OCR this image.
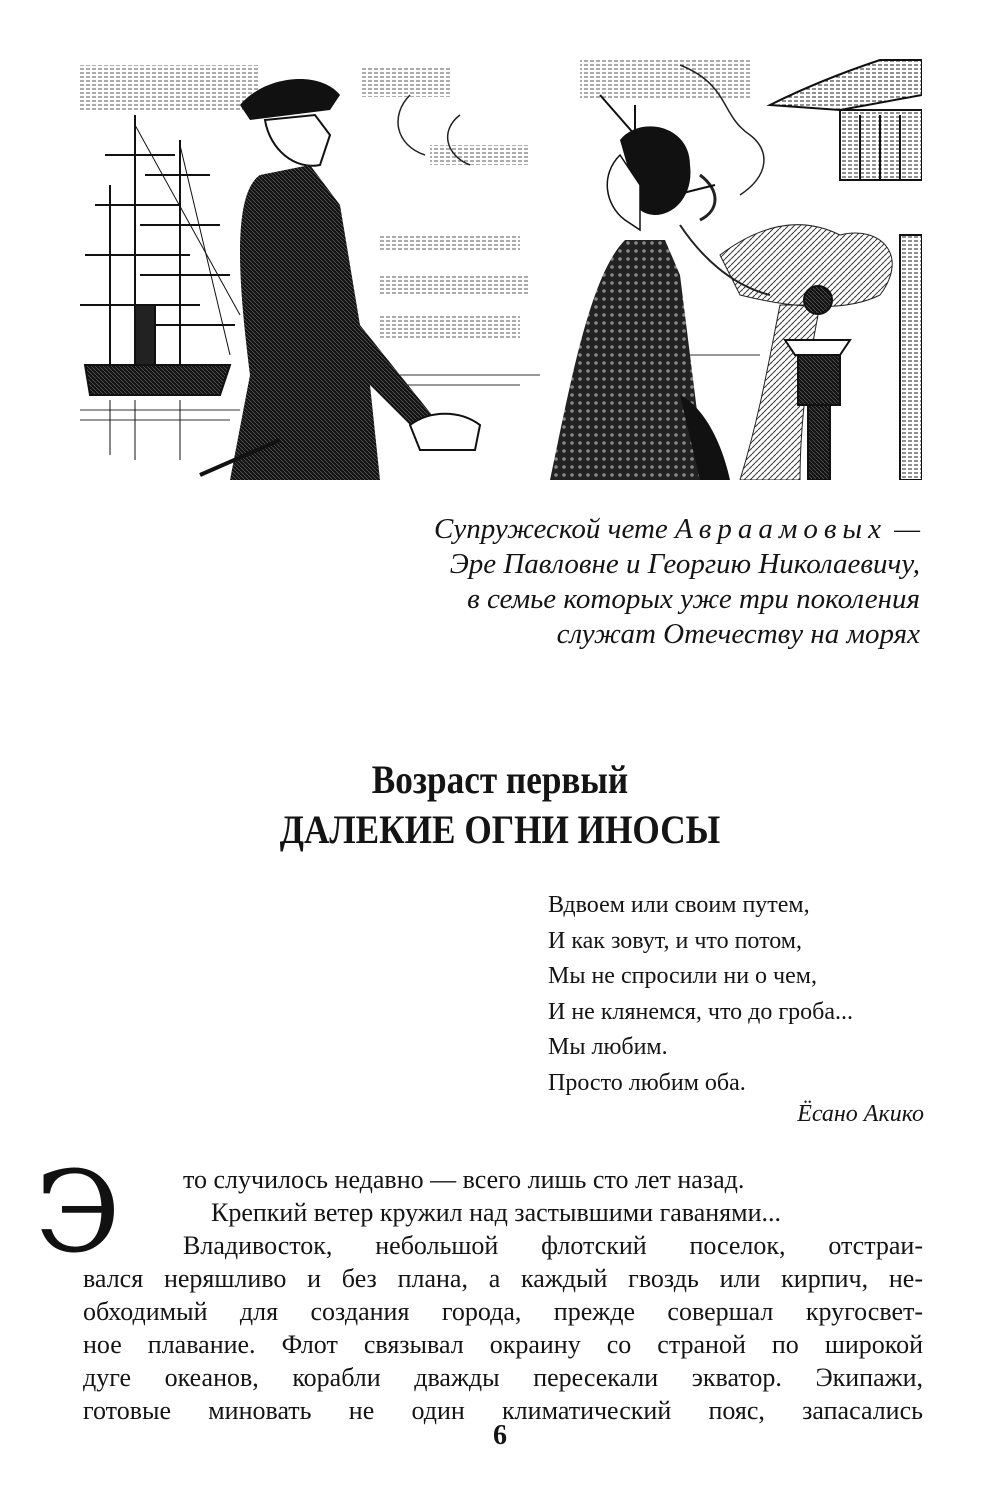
Супружеской чете Авраамовых —
Эре Павловне и Георгию Николаевичу,
в семье которых уже три поколения
служат Отечеству на морях
Возраст первый
ДАЛЕКИЕ ОГНИ ИНОСЫ
Вдвоем или своим путем,
И как зовут, и что потом,
Мы не спросили ни о чем,
И не клянемся, что до гроба...
Мы любим.
Просто любим оба.
Ёсано Акико
Э	то случилось недавно — всего лишь сто лет назад.
Крепкий ветер кружил над застывшими гаванями...
Владивосток, небольшой флотский поселок, отстраи-
вался неряшливо и без плана, а каждый гвоздь или кирпич, не-
обходимый для создания города, прежде совершал кругосвет-
ное плавание. Флот связывал окраину со страной по широкой
дуге океанов, корабли дважды пересекали экватор. Экипажи,
готовые миновать не один климатический пояс, запасались
6
